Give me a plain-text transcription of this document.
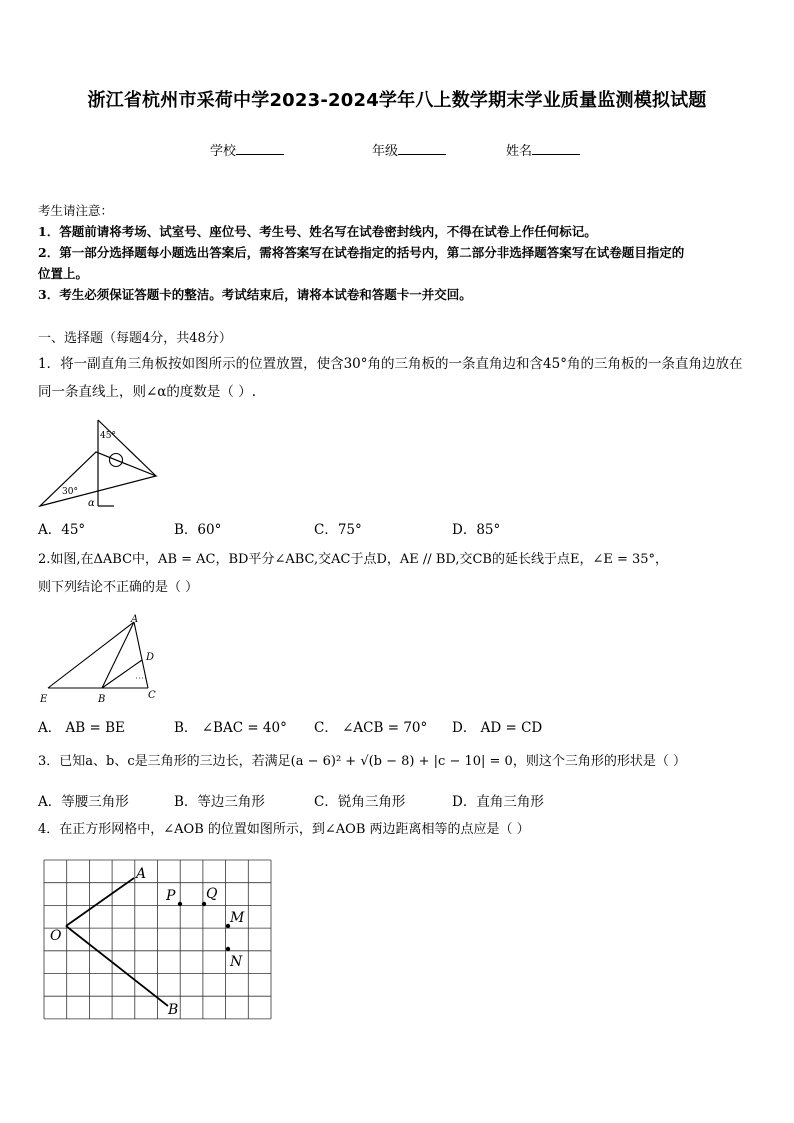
浙江省杭州市采荷中学2023-2024学年八上数学期末学业质量监测模拟试题
学校	年级	姓名
考生请注意：
1．答题前请将考场、试室号、座位号、考生号、姓名写在试卷密封线内，不得在试卷上作任何标记。
2．第一部分选择题每小题选出答案后，需将答案写在试卷指定的括号内，第二部分非选择题答案写在试卷题目指定的
位置上。
3．考生必须保证答题卡的整洁。考试结束后，请将本试卷和答题卡一并交回。
一、选择题（每题4分，共48分）
1．将一副直角三角板按如图所示的位置放置，使含30°角的三角板的一条直角边和含45°角的三角板的一条直角边放在
同一条直线上，则∠α的度数是（ ）.
45°
30°
α
A．45°	B．60°	C．75°	D．85°
2.如图,在ΔABC中，AB = AC，BD平分∠ABC,交AC于点D，AE // BD,交CB的延长线于点E，∠E = 35°，
则下列结论不正确的是（ ）
A
B	C
D
E
A． AB = BE	B． ∠BAC = 40° C． ∠ACB = 70° D． AD = CD
3．已知a、b、c是三角形的三边长，若满足(a − 6)² + √(b − 8) + |c − 10| = 0，则这个三角形的形状是（ ）
A．等腰三角形	B．等边三角形	C．锐角三角形	D．直角三角形
4．在正方形网格中，∠AOB 的位置如图所示，到∠AOB 两边距离相等的点应是（ ）
O
A
B
P Q
M
N
